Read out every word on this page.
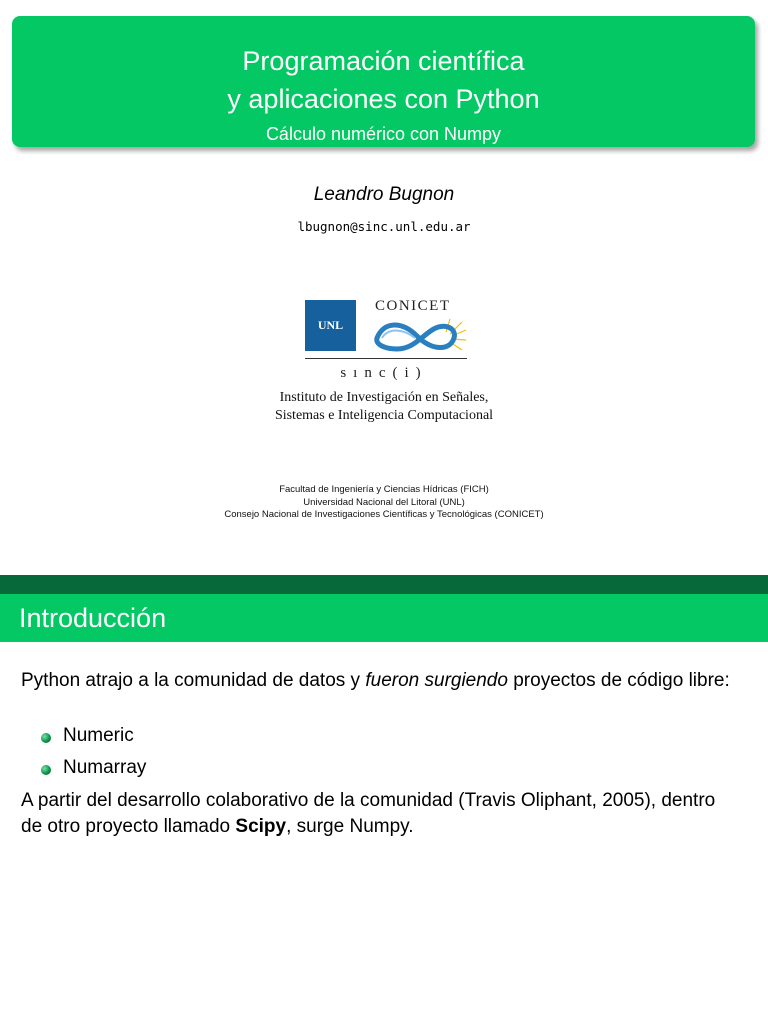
Programación científica
y aplicaciones con Python
Cálculo numérico con Numpy
Leandro Bugnon
lbugnon@sinc.unl.edu.ar
UNL
CONICET
sınc(i)
Instituto de Investigación en Señales,
Sistemas e Inteligencia Computacional
Facultad de Ingeniería y Ciencias Hídricas (FICH)
Universidad Nacional del Litoral (UNL)
Consejo Nacional de Investigaciones Científicas y Tecnológicas (CONICET)
Introducción
Python atrajo a la comunidad de datos y fueron surgiendo proyectos de código libre:
Numeric
Numarray
A partir del desarrollo colaborativo de la comunidad (Travis Oliphant, 2005), dentro de otro proyecto llamado Scipy, surge Numpy.
